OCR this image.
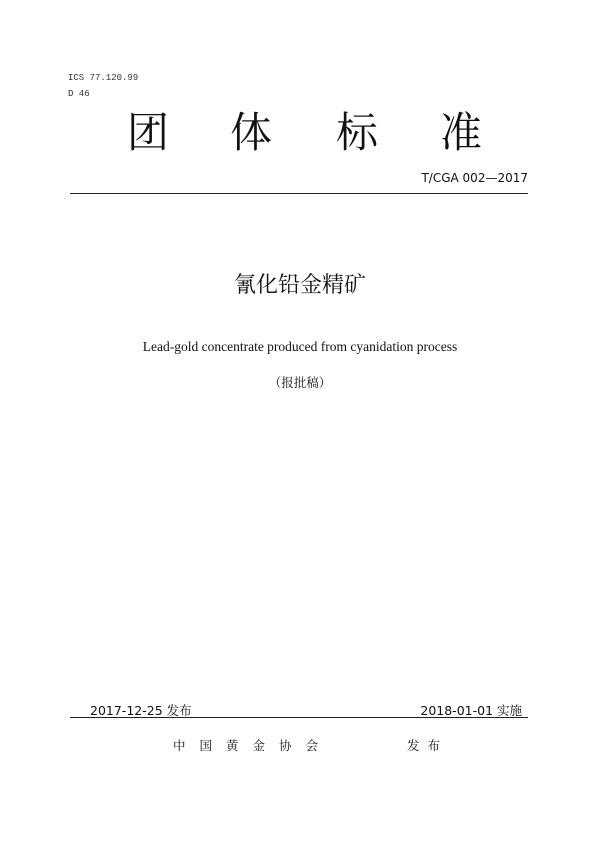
ICS 77.120.99
D 46
团 体 标 准
T/CGA 002—2017
氰化铅金精矿
Lead-gold concentrate produced from cyanidation process
（报批稿）
2017-12-25 发布	2018-01-01 实施
中国黄金协会	发布
